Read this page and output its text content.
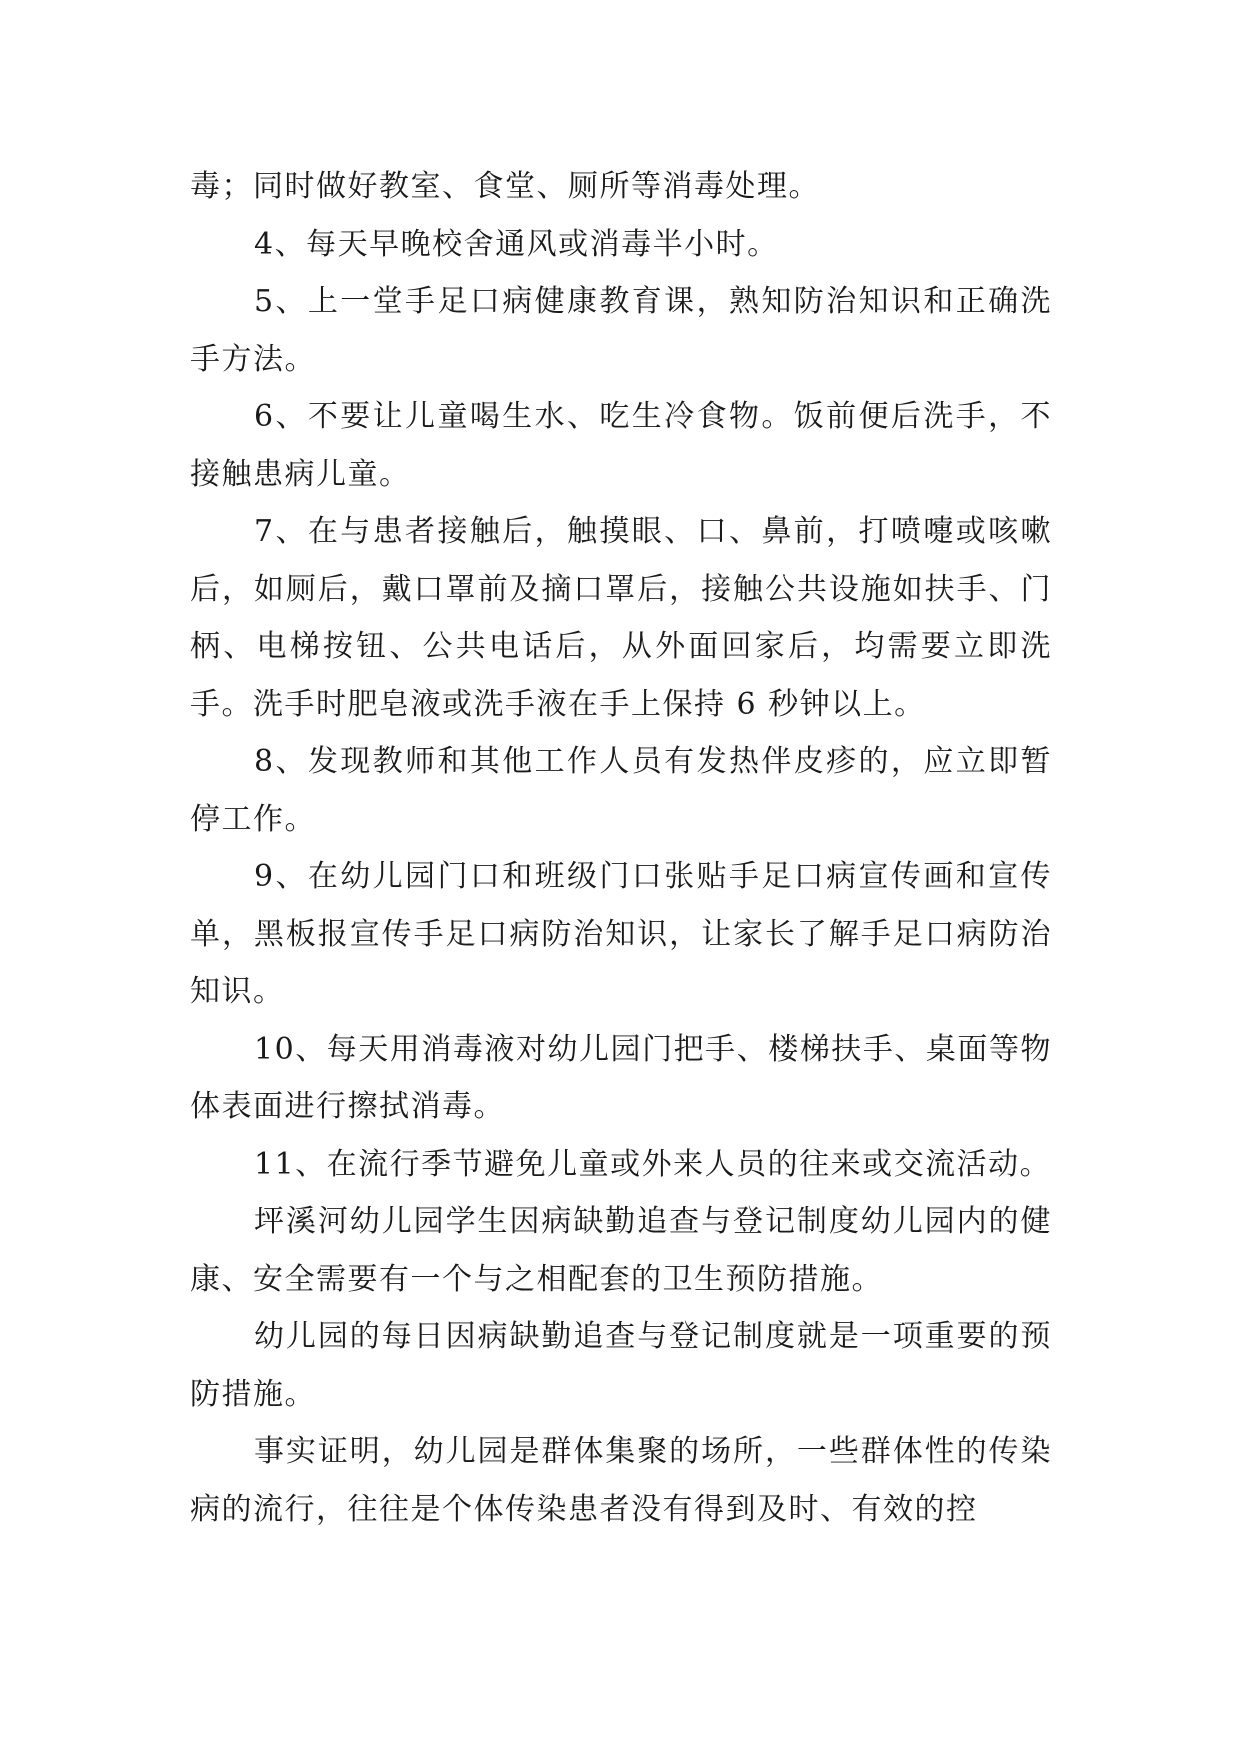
毒；同时做好教室、食堂、厕所等消毒处理。

4、每天早晚校舍通风或消毒半小时。

5、上一堂手足口病健康教育课，熟知防治知识和正确洗手方法。

6、不要让儿童喝生水、吃生冷食物。饭前便后洗手，不接触患病儿童。

7、在与患者接触后，触摸眼、口、鼻前，打喷嚏或咳嗽后，如厕后，戴口罩前及摘口罩后，接触公共设施如扶手、门柄、电梯按钮、公共电话后，从外面回家后，均需要立即洗手。洗手时肥皂液或洗手液在手上保持 6 秒钟以上。

8、发现教师和其他工作人员有发热伴皮疹的，应立即暂停工作。

9、在幼儿园门口和班级门口张贴手足口病宣传画和宣传单，黑板报宣传手足口病防治知识，让家长了解手足口病防治知识。

10、每天用消毒液对幼儿园门把手、楼梯扶手、桌面等物体表面进行擦拭消毒。

11、在流行季节避免儿童或外来人员的往来或交流活动。

坪溪河幼儿园学生因病缺勤追查与登记制度幼儿园内的健康、安全需要有一个与之相配套的卫生预防措施。

幼儿园的每日因病缺勤追查与登记制度就是一项重要的预防措施。

事实证明，幼儿园是群体集聚的场所，一些群体性的传染病的流行，往往是个体传染患者没有得到及时、有效的控
